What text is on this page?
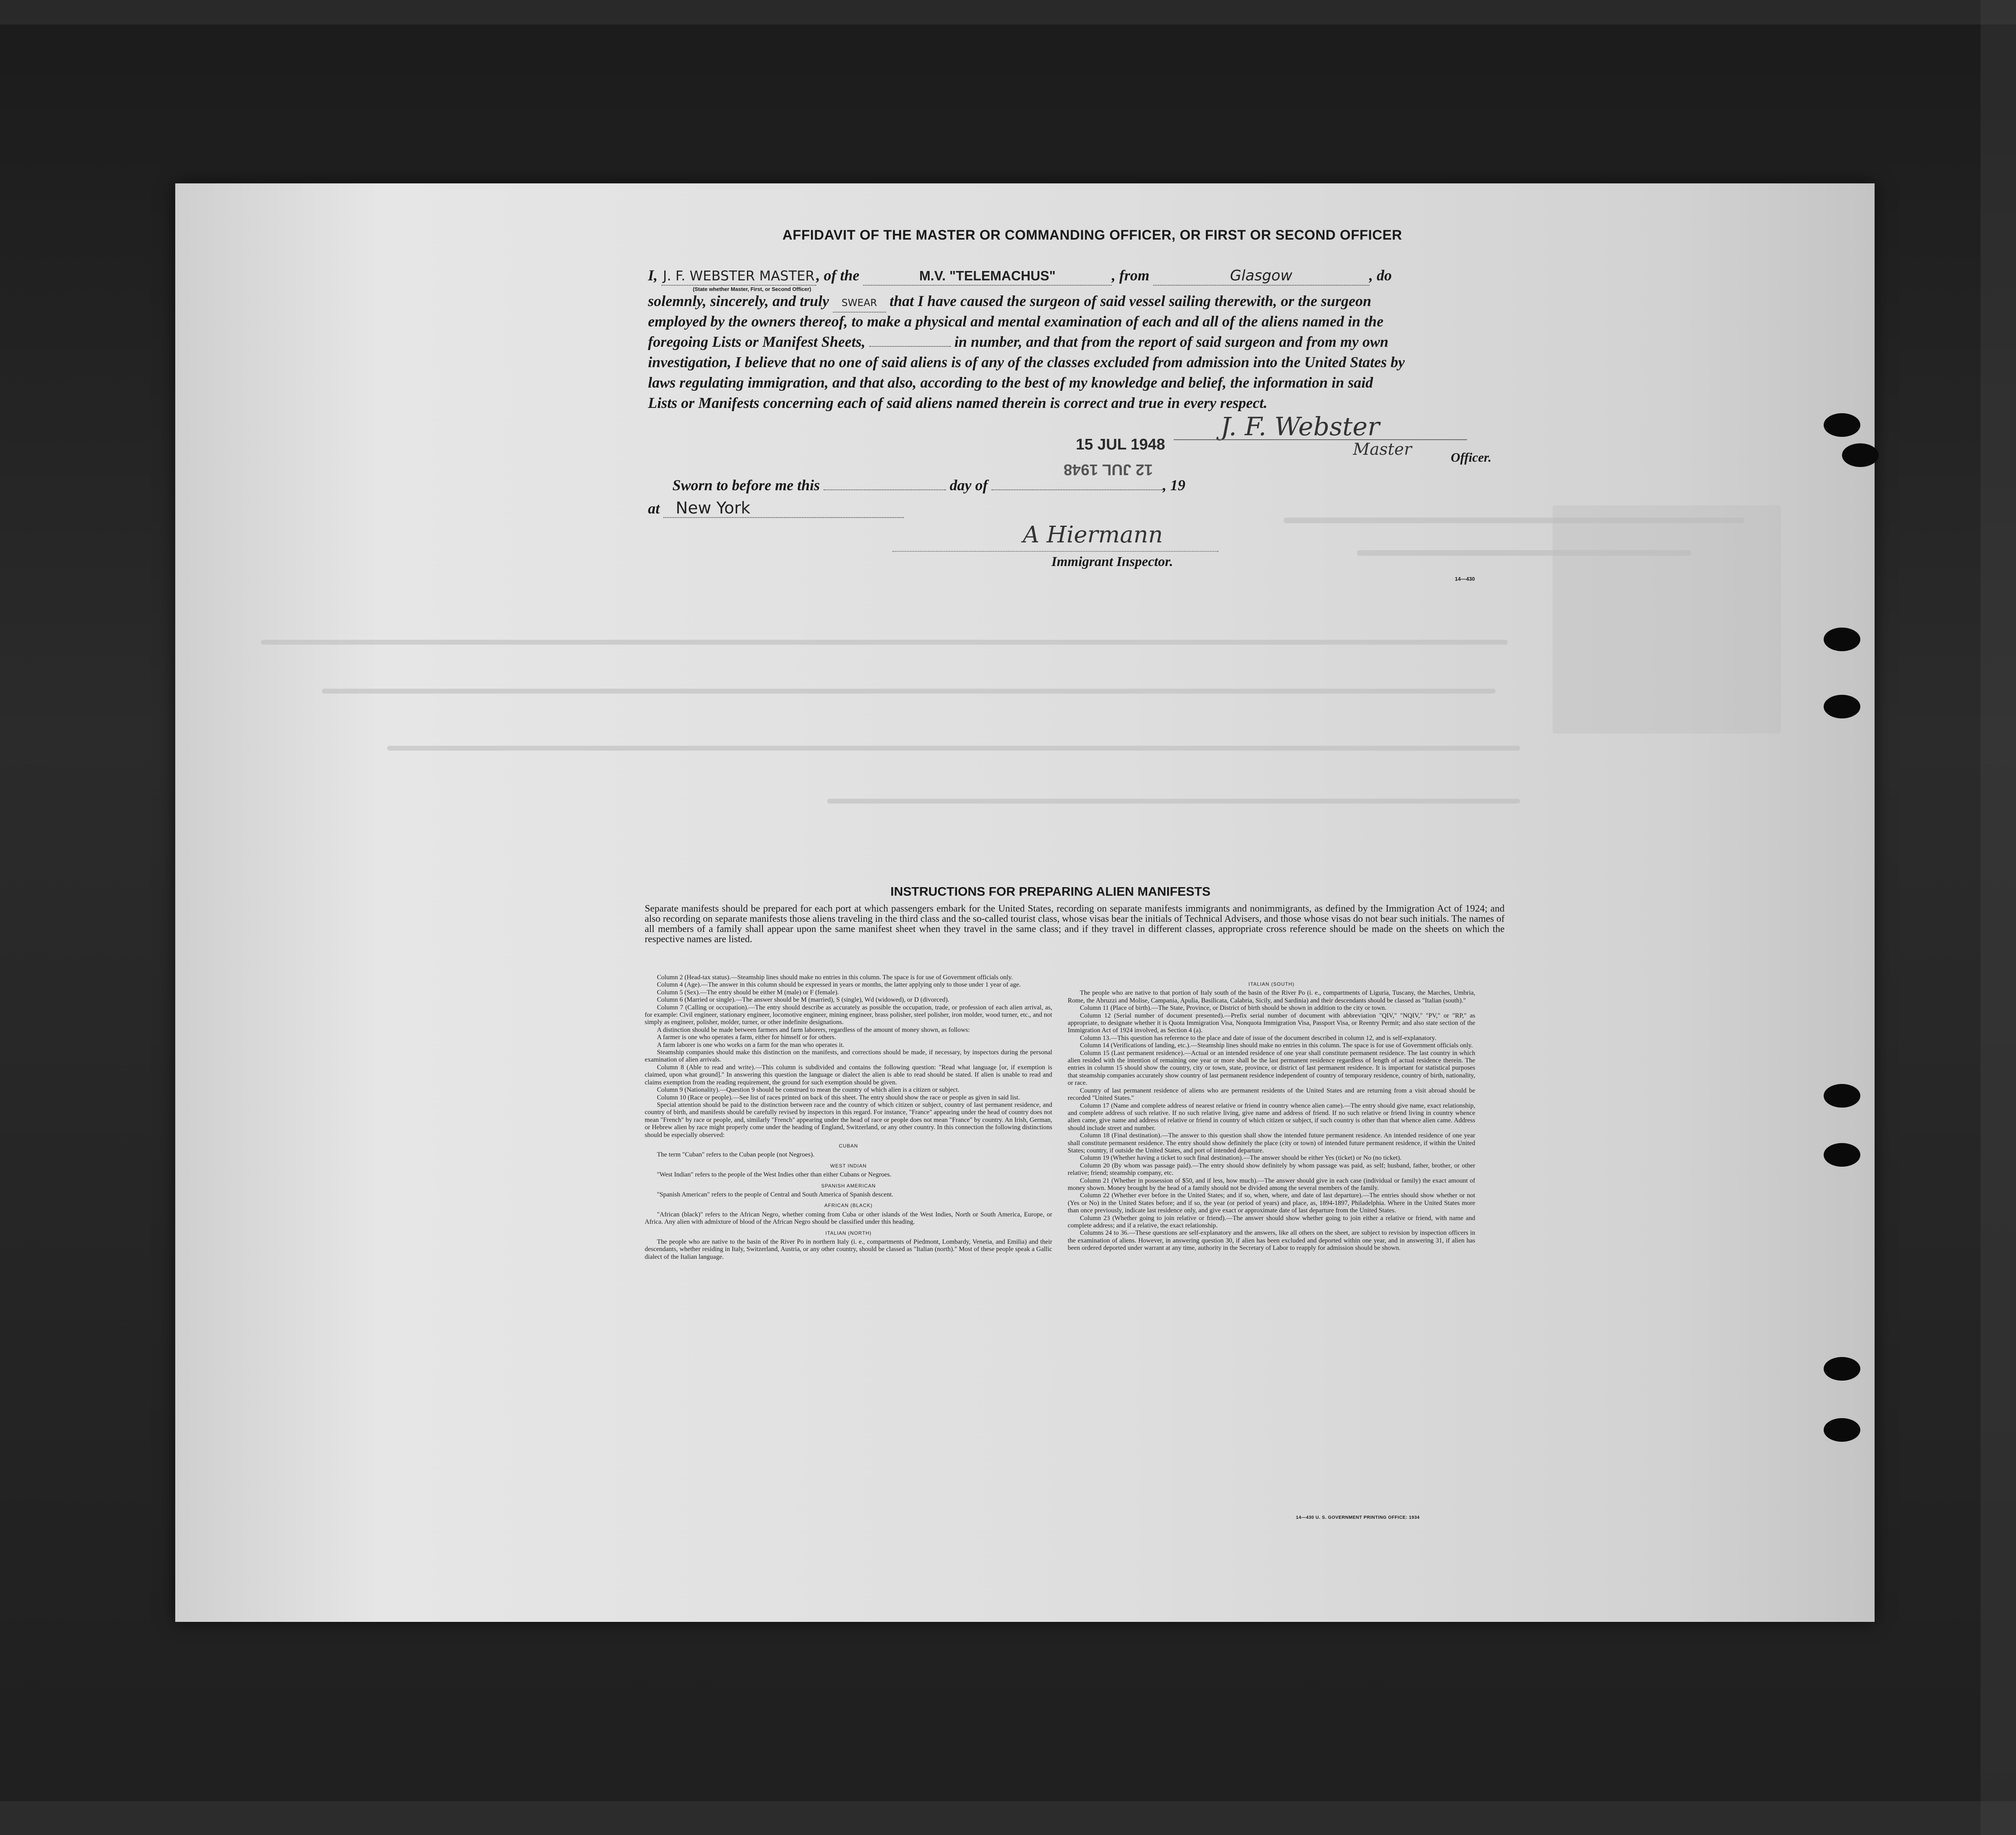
AFFIDAVIT OF THE MASTER OR COMMANDING OFFICER, OR FIRST OR SECOND OFFICER
I, J. F. WEBSTER MASTER , of the	M.V. "TELEMACHUS"	, from	Glasgow	, do
(State whether Master, First, or Second Officer)
solemnly, sincerely, and truly SWEAR that I have caused the surgeon of said vessel sailing therewith, or the surgeon
employed by the owners thereof, to make a physical and mental examination of each and all of the aliens named in the
foregoing Lists or Manifest Sheets,	in number, and that from the report of said surgeon and from my own
investigation, I believe that no one of said aliens is of any of the classes excluded from admission into the United States by
laws regulating immigration, and that also, according to the best of my knowledge and belief, the information in said
Lists or Manifests concerning each of said aliens named therein is correct and true in every respect.
J. F. Webster
15 JUL 1948
12 JUL 1948
Master	Officer.
Sworn to before me this	day of	, 19
at New York
A Hiermann
Immigrant Inspector.
14—430
INSTRUCTIONS FOR PREPARING ALIEN MANIFESTS
Separate manifests should be prepared for each port at which passengers embark for the United States, recording on separate manifests immigrants and nonimmigrants, as defined by the Immigration Act of 1924; and also recording on separate manifests those aliens traveling in the third class and the so-called tourist class, whose visas bear the initials of Technical Advisers, and those whose visas do not bear such initials. The names of all members of a family shall appear upon the same manifest sheet when they travel in the same class; and if they travel in different classes, appropriate cross reference should be made on the sheets on which the respective names are listed.

Column 2 (Head-tax status).—Steamship lines should make no entries in this column. The space is for use of Government officials only.

Column 4 (Age).—The answer in this column should be expressed in years or months, the latter applying only to those under 1 year of age.

Column 5 (Sex).—The entry should be either M (male) or F (female).

Column 6 (Married or single).—The answer should be M (married), S (single), Wd (widowed), or D (divorced).

Column 7 (Calling or occupation).—The entry should describe as accurately as possible the occupation, trade, or profession of each alien arrival, as, for example: Civil engineer, stationary engineer, locomotive engineer, mining engineer, brass polisher, steel polisher, iron molder, wood turner, etc., and not simply as engineer, polisher, molder, turner, or other indefinite designations.

A distinction should be made between farmers and farm laborers, regardless of the amount of money shown, as follows:

A farmer is one who operates a farm, either for himself or for others.

A farm laborer is one who works on a farm for the man who operates it.

Steamship companies should make this distinction on the manifests, and corrections should be made, if necessary, by inspectors during the personal examination of alien arrivals.

Column 8 (Able to read and write).—This column is subdivided and contains the following question: "Read what language [or, if exemption is claimed, upon what ground]." In answering this question the language or dialect the alien is able to read should be stated. If alien is unable to read and claims exemption from the reading requirement, the ground for such exemption should be given.

Column 9 (Nationality).—Question 9 should be construed to mean the country of which alien is a citizen or subject.

Column 10 (Race or people).—See list of races printed on back of this sheet. The entry should show the race or people as given in said list.

Special attention should be paid to the distinction between race and the country of which citizen or subject, country of last permanent residence, and country of birth, and manifests should be carefully revised by inspectors in this regard. For instance, "France" appearing under the head of country does not mean "French" by race or people, and, similarly "French" appearing under the head of race or people does not mean "France" by country. An Irish, German, or Hebrew alien by race might properly come under the heading of England, Switzerland, or any other country. In this connection the following distinctions should be especially observed:

CUBAN

The term "Cuban" refers to the Cuban people (not Negroes).

WEST INDIAN

"West Indian" refers to the people of the West Indies other than either Cubans or Negroes.

SPANISH AMERICAN

"Spanish American" refers to the people of Central and South America of Spanish descent.

AFRICAN (BLACK)

"African (black)" refers to the African Negro, whether coming from Cuba or other islands of the West Indies, North or South America, Europe, or Africa. Any alien with admixture of blood of the African Negro should be classified under this heading.

ITALIAN (NORTH)

The people who are native to the basin of the River Po in northern Italy (i. e., compartments of Piedmont, Lombardy, Venetia, and Emilia) and their descendants, whether residing in Italy, Switzerland, Austria, or any other country, should be classed as "Italian (north)." Most of these people speak a Gallic dialect of the Italian language.

ITALIAN (SOUTH)

The people who are native to that portion of Italy south of the basin of the River Po (i. e., compartments of Liguria, Tuscany, the Marches, Umbria, Rome, the Abruzzi and Molise, Campania, Apulia, Basilicata, Calabria, Sicily, and Sardinia) and their descendants should be classed as "Italian (south)."

Column 11 (Place of birth).—The State, Province, or District of birth should be shown in addition to the city or town.

Column 12 (Serial number of document presented).—Prefix serial number of document with abbreviation "QIV," "NQIV," "PV," or "RP," as appropriate, to designate whether it is Quota Immigration Visa, Nonquota Immigration Visa, Passport Visa, or Reentry Permit; and also state section of the Immigration Act of 1924 involved, as Section 4 (a).

Column 13.—This question has reference to the place and date of issue of the document described in column 12, and is self-explanatory.

Column 14 (Verifications of landing, etc.).—Steamship lines should make no entries in this column. The space is for use of Government officials only.

Column 15 (Last permanent residence).—Actual or an intended residence of one year shall constitute permanent residence. The last country in which alien resided with the intention of remaining one year or more shall be the last permanent residence regardless of length of actual residence therein. The entries in column 15 should show the country, city or town, state, province, or district of last permanent residence. It is important for statistical purposes that steamship companies accurately show country of last permanent residence independent of country of temporary residence, country of birth, nationality, or race.

Country of last permanent residence of aliens who are permanent residents of the United States and are returning from a visit abroad should be recorded "United States."

Column 17 (Name and complete address of nearest relative or friend in country whence alien came).—The entry should give name, exact relationship, and complete address of such relative. If no such relative living, give name and address of friend. If no such relative or friend living in country whence alien came, give name and address of relative or friend in country of which citizen or subject, if such country is other than that whence alien came. Address should include street and number.

Column 18 (Final destination).—The answer to this question shall show the intended future permanent residence. An intended residence of one year shall constitute permanent residence. The entry should show definitely the place (city or town) of intended future permanent residence, if within the United States; country, if outside the United States, and port of intended departure.

Column 19 (Whether having a ticket to such final destination).—The answer should be either Yes (ticket) or No (no ticket).

Column 20 (By whom was passage paid).—The entry should show definitely by whom passage was paid, as self; husband, father, brother, or other relative; friend; steamship company, etc.

Column 21 (Whether in possession of $50, and if less, how much).—The answer should give in each case (individual or family) the exact amount of money shown. Money brought by the head of a family should not be divided among the several members of the family.

Column 22 (Whether ever before in the United States; and if so, when, where, and date of last departure).—The entries should show whether or not (Yes or No) in the United States before; and if so, the year (or period of years) and place, as, 1894-1897, Philadelphia. Where in the United States more than once previously, indicate last residence only, and give exact or approximate date of last departure from the United States.

Column 23 (Whether going to join relative or friend).—The answer should show whether going to join either a relative or friend, with name and complete address; and if a relative, the exact relationship.

Columns 24 to 36.—These questions are self-explanatory and the answers, like all others on the sheet, are subject to revision by inspection officers in the examination of aliens. However, in answering question 30, if alien has been excluded and deported within one year, and in answering 31, if alien has been ordered deported under warrant at any time, authority in the Secretary of Labor to reapply for admission should be shown.

14—430 U. S. GOVERNMENT PRINTING OFFICE: 1934
